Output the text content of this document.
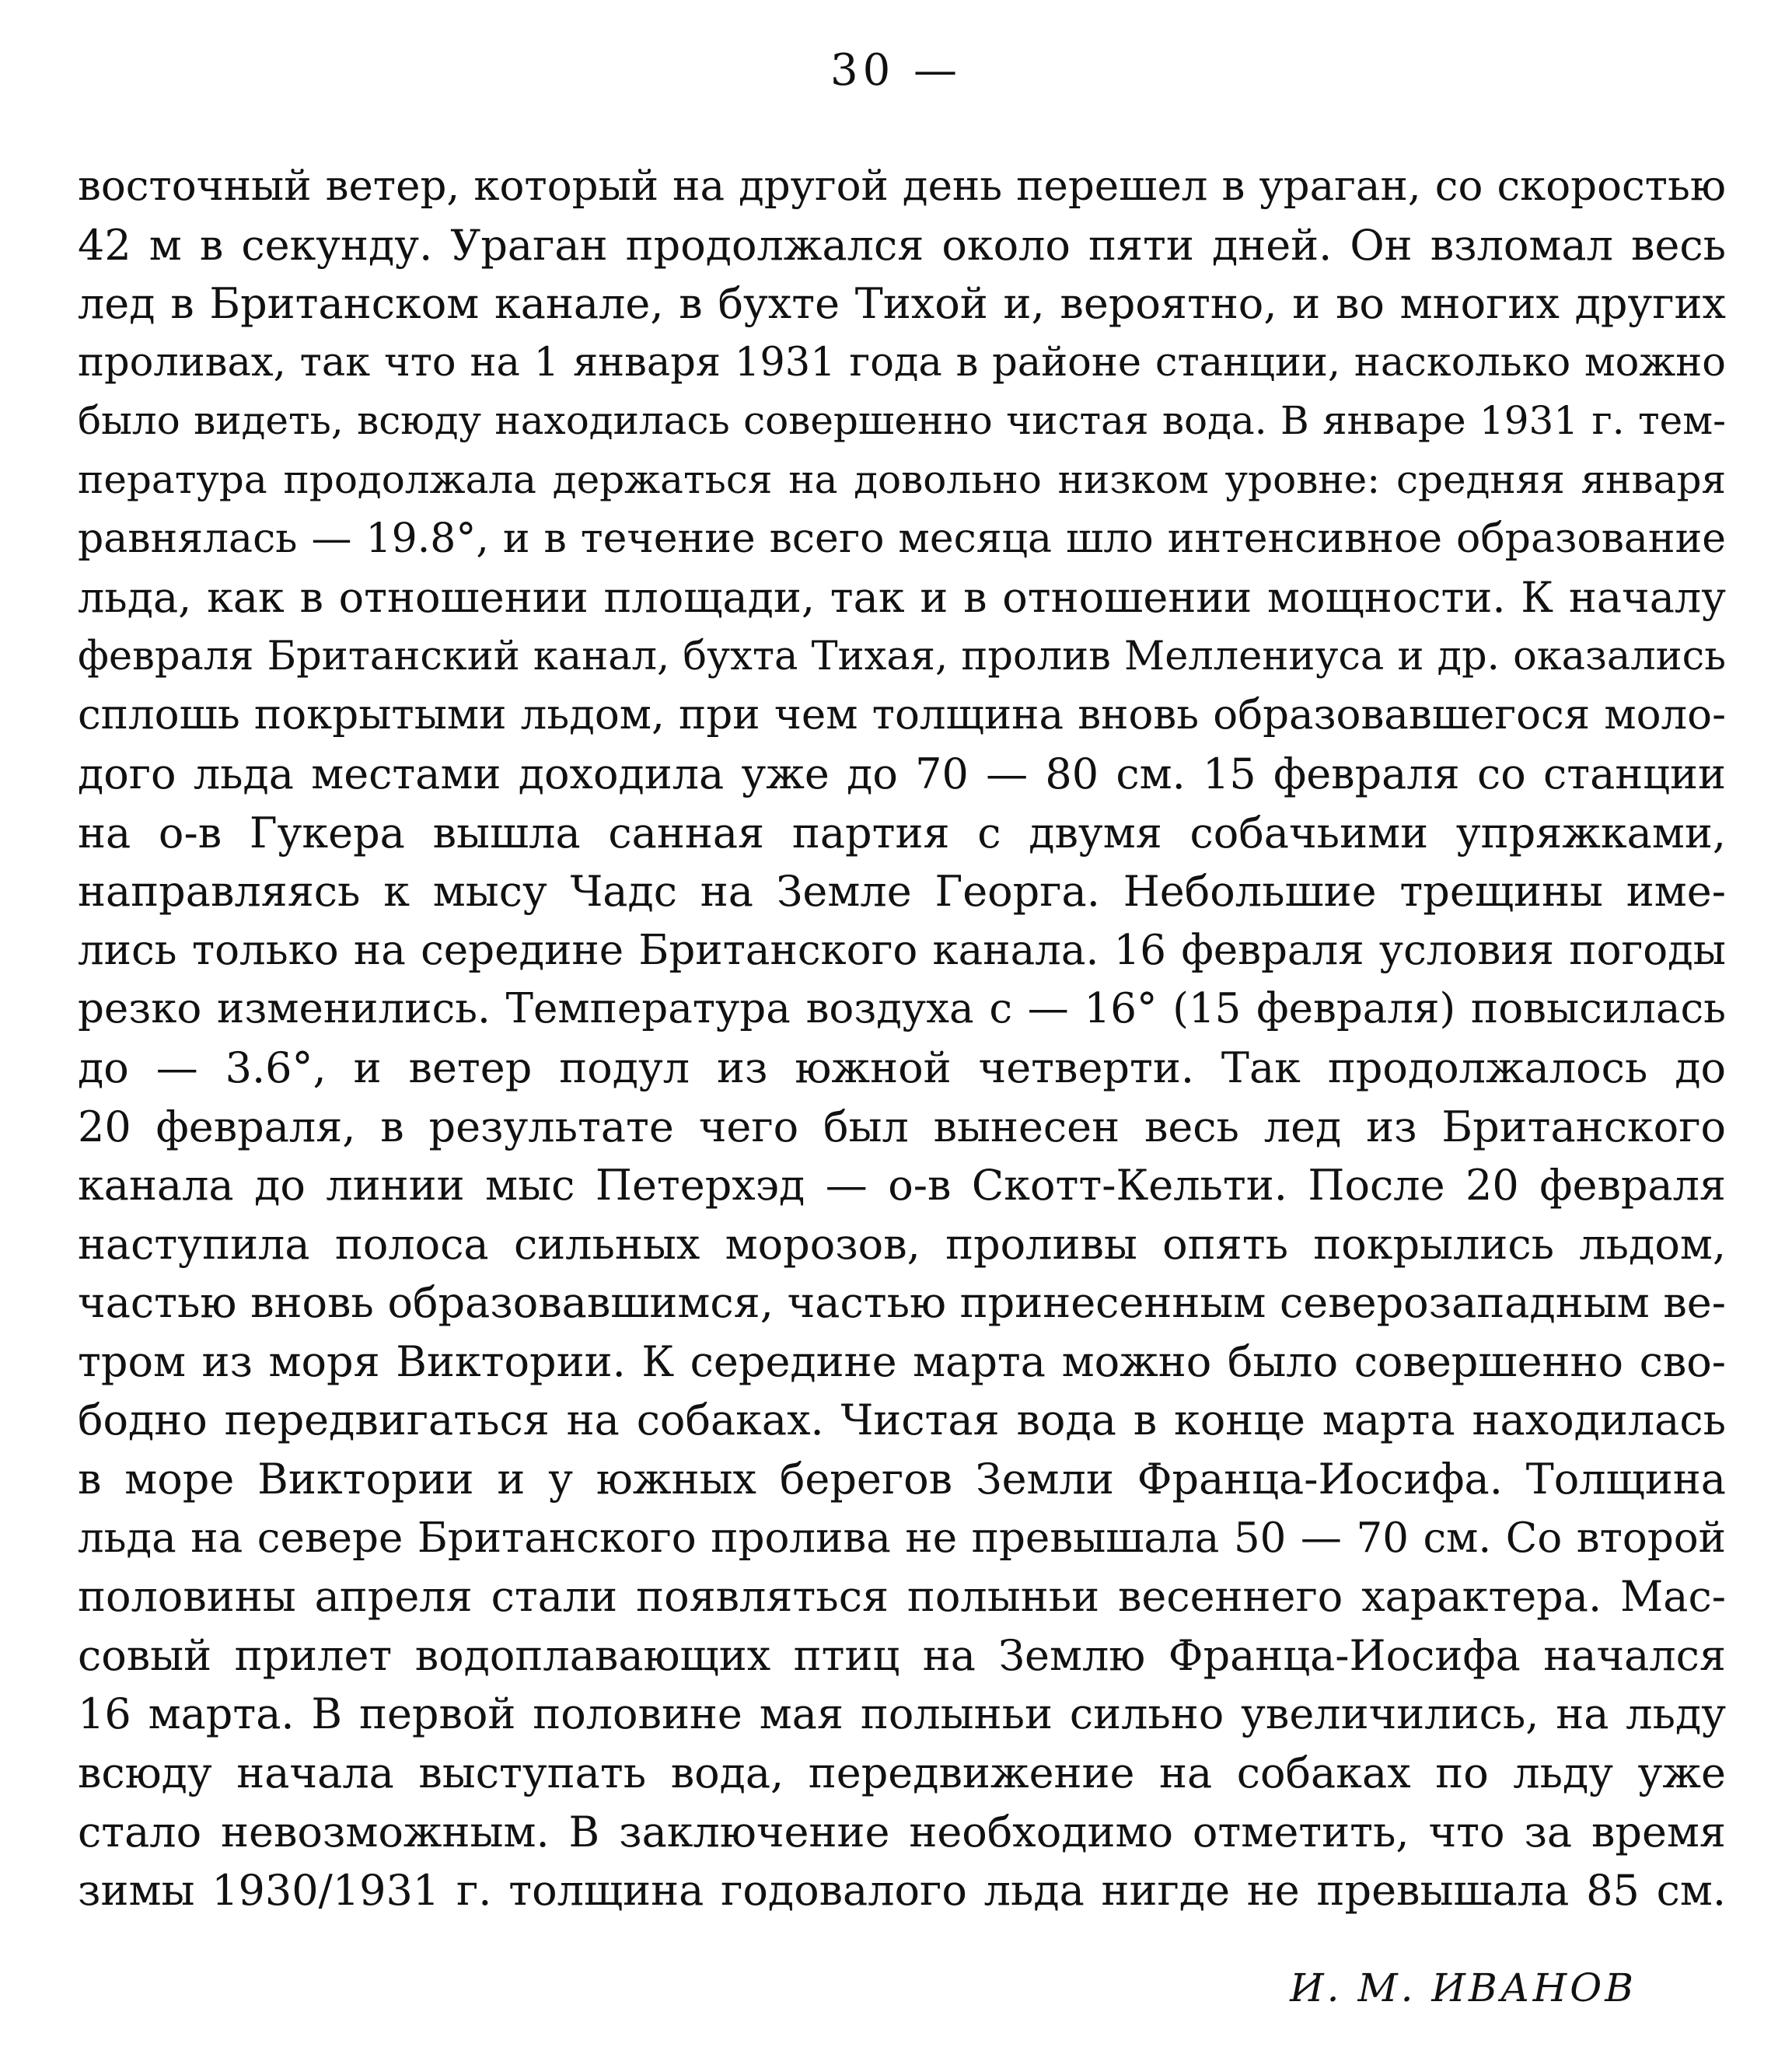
30 —
восточный ветер, который на другой день перешел в ураган, со скоростью
42 м в секунду. Ураган продолжался около пяти дней. Он взломал весь
лед в Британском канале, в бухте Тихой и, вероятно, и во многих других
проливах, так что на 1 января 1931 года в районе станции, насколько можно
было видеть, всюду находилась совершенно чистая вода. В январе 1931 г. тем-
пература продолжала держаться на довольно низком уровне: средняя января
равнялась — 19.8°, и в течение всего месяца шло интенсивное образование
льда, как в отношении площади, так и в отношении мощности. К началу
февраля Британский канал, бухта Тихая, пролив Меллениуса и др. оказались
сплошь покрытыми льдом, при чем толщина вновь образовавшегося моло-
дого льда местами доходила уже до 70 — 80 см. 15 февраля со станции
на о-в Гукера вышла санная партия с двумя собачьими упряжками,
направляясь к мысу Чадс на Земле Георга. Небольшие трещины име-
лись только на середине Британского канала. 16 февраля условия погоды
резко изменились. Температура воздуха с — 16° (15 февраля) повысилась
до — 3.6°, и ветер подул из южной четверти. Так продолжалось до
20 февраля, в результате чего был вынесен весь лед из Британского
канала до линии мыс Петерхэд — о-в Скотт-Кельти. После 20 февраля
наступила полоса сильных морозов, проливы опять покрылись льдом,
частью вновь образовавшимся, частью принесенным северозападным ве-
тром из моря Виктории. К середине марта можно было совершенно сво-
бодно передвигаться на собаках. Чистая вода в конце марта находилась
в море Виктории и у южных берегов Земли Франца-Иосифа. Толщина
льда на севере Британского пролива не превышала 50 — 70 см. Со второй
половины апреля стали появляться полыньи весеннего характера. Мас-
совый прилет водоплавающих птиц на Землю Франца-Иосифа начался
16 марта. В первой половине мая полыньи сильно увеличились, на льду
всюду начала выступать вода, передвижение на собаках по льду уже
стало невозможным. В заключение необходимо отметить, что за время
зимы 1930/1931 г. толщина годовалого льда нигде не превышала 85 см.
И. М. ИВАНОВ
